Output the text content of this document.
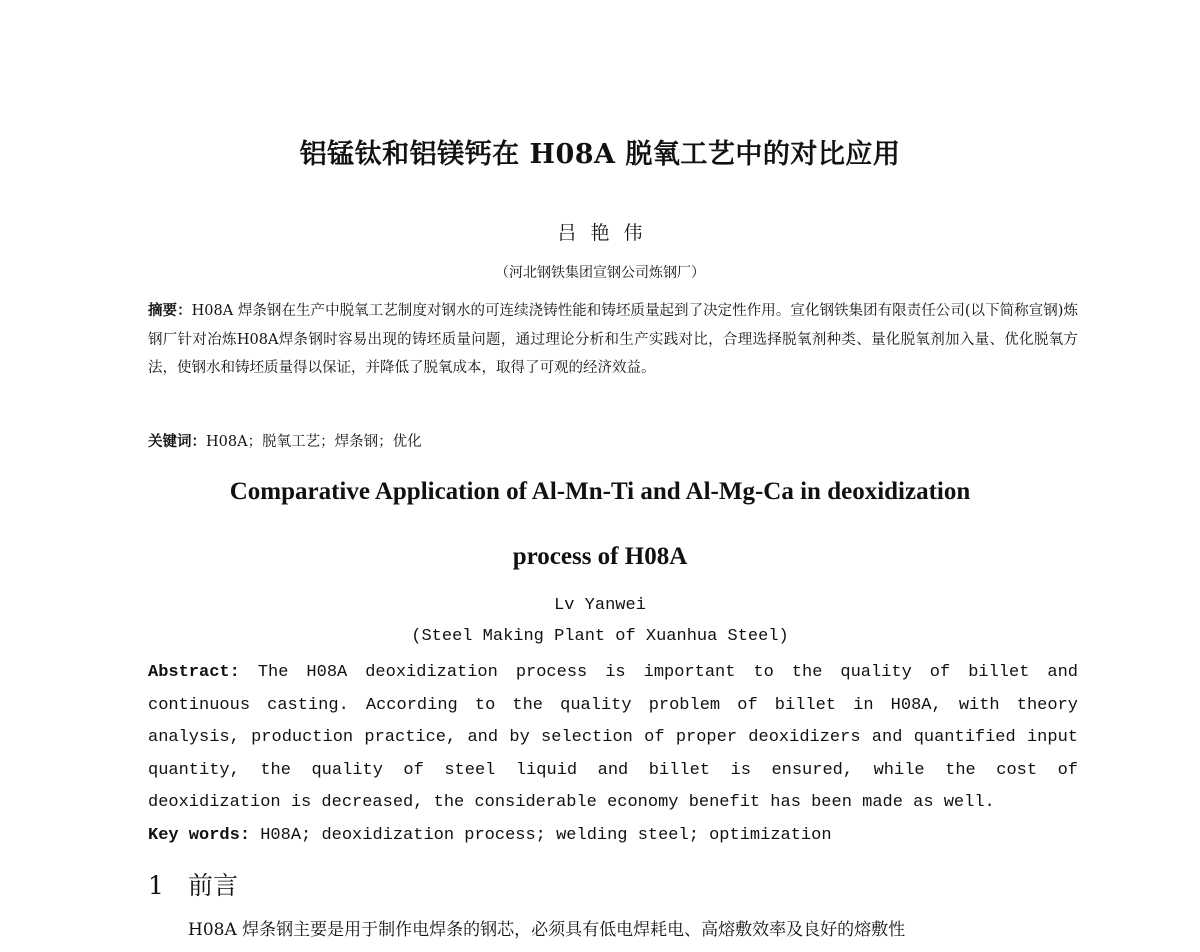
铝锰钛和铝镁钙在 H08A 脱氧工艺中的对比应用
吕艳伟
（河北钢铁集团宣钢公司炼钢厂）
摘要：H08A 焊条钢在生产中脱氧工艺制度对钢水的可连续浇铸性能和铸坯质量起到了决定性作用。宣化钢铁集团有限责任公司(以下简称宣钢)炼钢厂针对冶炼H08A焊条钢时容易出现的铸坯质量问题，通过理论分析和生产实践对比，合理选择脱氧剂种类、量化脱氧剂加入量、优化脱氧方法，使钢水和铸坯质量得以保证，并降低了脱氧成本，取得了可观的经济效益。
关键词：H08A；脱氧工艺；焊条钢；优化
Comparative Application of Al-Mn-Ti and Al-Mg-Ca in deoxidization
process of H08A
Lv Yanwei
(Steel Making Plant of Xuanhua Steel)
Abstract: The H08A deoxidization process is important to the quality of billet and continuous casting. According to the quality problem of billet in H08A, with theory analysis, production practice, and by selection of proper deoxidizers and quantified input quantity, the quality of steel liquid and billet is ensured, while the cost of deoxidization is decreased, the considerable economy benefit has been made as well.
Key words: H08A; deoxidization process; welding steel; optimization
1 前言
H08A 焊条钢主要是用于制作电焊条的钢芯，必须具有低电焊耗电、高熔敷效率及良好的熔敷性
